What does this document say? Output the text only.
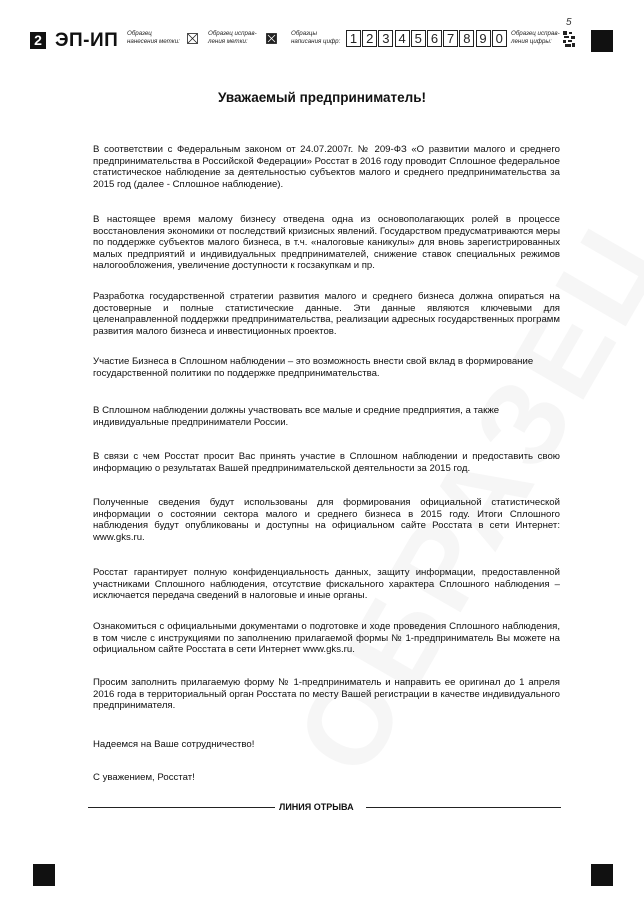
2 ЭП-ИП Образец
нанесения метки:
Образец исправ-
ления метки:
Образцы
написания цифр: 1 2 3 4 5 6 7 8 9 0	Образец исправ-
ления цифры:
5
Уважаемый предприниматель!
В соответствии с Федеральным законом от 24.07.2007г. № 209-ФЗ «О развитии малого и среднего предпринимательства в Российской Федерации» Росстат в 2016 году проводит Сплошное федеральное статистическое наблюдение за деятельностью субъектов малого и среднего предпринимательства за 2015 год (далее - Сплошное наблюдение).
В настоящее время малому бизнесу отведена одна из основополагающих ролей в процессе восстановления экономики от последствий кризисных явлений. Государством предусматриваются меры по поддержке субъектов малого бизнеса, в т.ч. «налоговые каникулы» для вновь зарегистрированных малых предприятий и индивидуальных предпринимателей, снижение ставок специальных режимов налогообложения, увеличение доступности к госзакупкам и пр.
Разработка государственной стратегии развития малого и среднего бизнеса должна опираться на достоверные и полные статистические данные. Эти данные являются ключевыми для целенаправленной поддержки предпринимательства, реализации адресных государственных программ развития малого бизнеса и инвестиционных проектов.
Участие Бизнеса в Сплошном наблюдении – это возможность внести свой вклад в формирование государственной политики по поддержке предпринимательства.
В Сплошном наблюдении должны участвовать все малые и средние предприятия, а также индивидуальные предприниматели России.
В связи с чем Росстат просит Вас принять участие в Сплошном наблюдении и предоставить свою информацию о результатах Вашей предпринимательской деятельности за 2015 год.
Полученные сведения будут использованы для формирования официальной статистической информации о состоянии сектора малого и среднего бизнеса в 2015 году. Итоги Сплошного наблюдения будут опубликованы и доступны на официальном сайте Росстата в сети Интернет: www.gks.ru.
Росстат гарантирует полную конфиденциальность данных, защиту информации, предоставленной участниками Сплошного наблюдения, отсутствие фискального характера Сплошного наблюдения – исключается передача сведений в налоговые и иные органы.
Ознакомиться с официальными документами о подготовке и ходе проведения Сплошного наблюдения, в том числе с инструкциями по заполнению прилагаемой формы № 1-предприниматель Вы можете на официальном сайте Росстата в сети Интернет www.gks.ru.
Просим заполнить прилагаемую форму № 1-предприниматель и направить ее оригинал до 1 апреля 2016 года в территориальный орган Росстата по месту Вашей регистрации в качестве индивидуального предпринимателя.
Надеемся на Ваше сотрудничество!
С уважением, Росстат!
ЛИНИЯ ОТРЫВА
